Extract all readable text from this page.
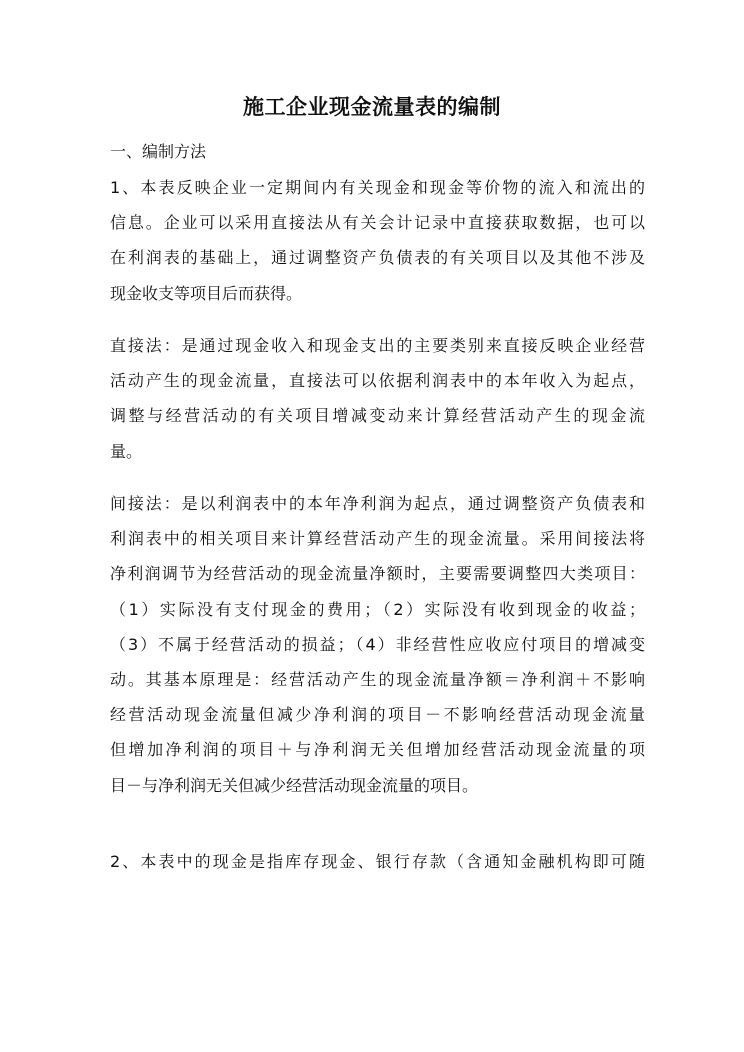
施工企业现金流量表的编制
一、编制方法
1、本表反映企业一定期间内有关现金和现金等价物的流入和流出的
信息。企业可以采用直接法从有关会计记录中直接获取数据，也可以
在利润表的基础上，通过调整资产负债表的有关项目以及其他不涉及
现金收支等项目后而获得。
直接法：是通过现金收入和现金支出的主要类别来直接反映企业经营
活动产生的现金流量，直接法可以依据利润表中的本年收入为起点，
调整与经营活动的有关项目增减变动来计算经营活动产生的现金流
量。
间接法：是以利润表中的本年净利润为起点，通过调整资产负债表和
利润表中的相关项目来计算经营活动产生的现金流量。采用间接法将
净利润调节为经营活动的现金流量净额时，主要需要调整四大类项目：
（1）实际没有支付现金的费用；（2）实际没有收到现金的收益；
（3）不属于经营活动的损益；（4）非经营性应收应付项目的增减变
动。其基本原理是：经营活动产生的现金流量净额＝净利润＋不影响
经营活动现金流量但减少净利润的项目－不影响经营活动现金流量
但增加净利润的项目＋与净利润无关但增加经营活动现金流量的项
目－与净利润无关但减少经营活动现金流量的项目。
2、本表中的现金是指库存现金、银行存款（含通知金融机构即可随
